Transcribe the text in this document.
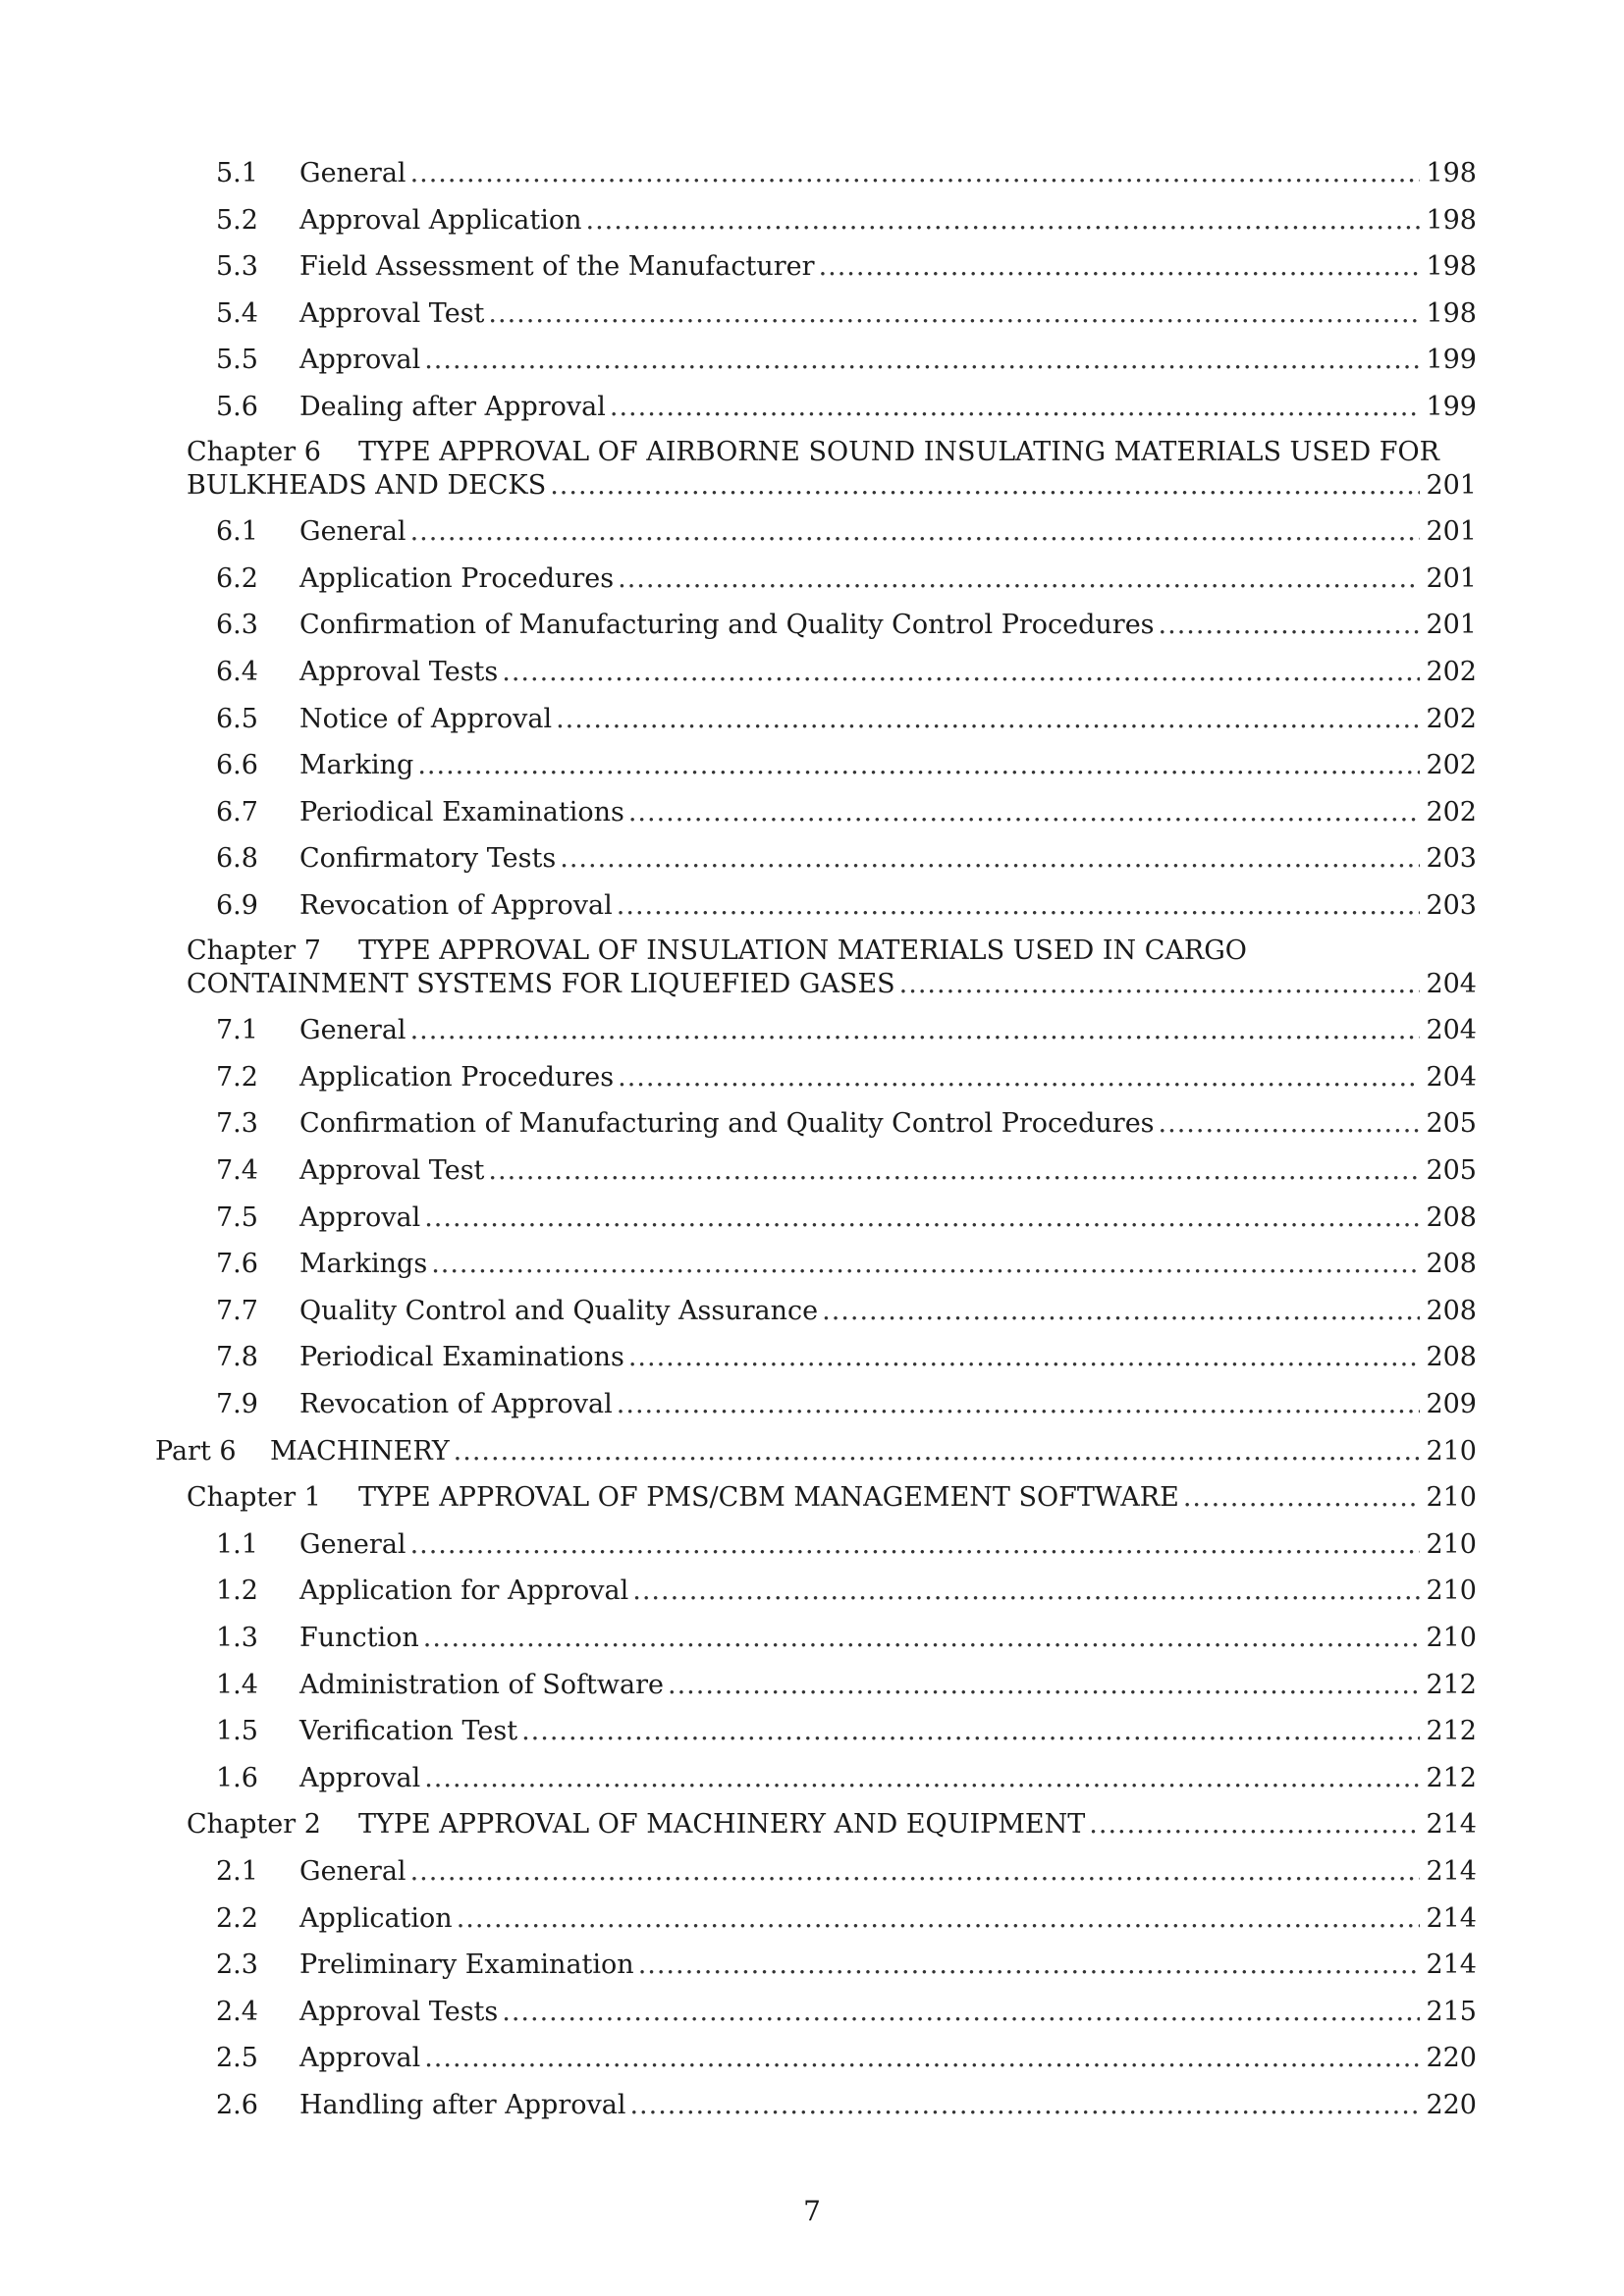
5.1 General .....	198
5.2 Approval Application .....	198
5.3 Field Assessment of the Manufacturer .....	198
5.4 Approval Test .....	198
5.5 Approval .....	199
5.6 Dealing after Approval .....	199
Chapter 6 TYPE APPROVAL OF AIRBORNE SOUND INSULATING MATERIALS USED FOR
BULKHEADS AND DECKS .....	201
6.1 General .....	201
6.2 Application Procedures .....	201
6.3 Confirmation of Manufacturing and Quality Control Procedures .....	201
6.4 Approval Tests .....	202
6.5 Notice of Approval .....	202
6.6 Marking .....	202
6.7 Periodical Examinations .....	202
6.8 Confirmatory Tests .....	203
6.9 Revocation of Approval .....	203
Chapter 7 TYPE APPROVAL OF INSULATION MATERIALS USED IN CARGO
CONTAINMENT SYSTEMS FOR LIQUEFIED GASES .....	204
7.1 General .....	204
7.2 Application Procedures .....	204
7.3 Confirmation of Manufacturing and Quality Control Procedures .....	205
7.4 Approval Test .....	205
7.5 Approval .....	208
7.6 Markings .....	208
7.7 Quality Control and Quality Assurance .....	208
7.8 Periodical Examinations .....	208
7.9 Revocation of Approval .....	209
Part 6 MACHINERY .....	210
Chapter 1 TYPE APPROVAL OF PMS/CBM MANAGEMENT SOFTWARE .....	210
1.1 General .....	210
1.2 Application for Approval .....	210
1.3 Function .....	210
1.4 Administration of Software .....	212
1.5 Verification Test .....	212
1.6 Approval .....	212
Chapter 2 TYPE APPROVAL OF MACHINERY AND EQUIPMENT .....	214
2.1 General .....	214
2.2 Application .....	214
2.3 Preliminary Examination .....	214
2.4 Approval Tests .....	215
2.5 Approval .....	220
2.6 Handling after Approval .....	220
7
